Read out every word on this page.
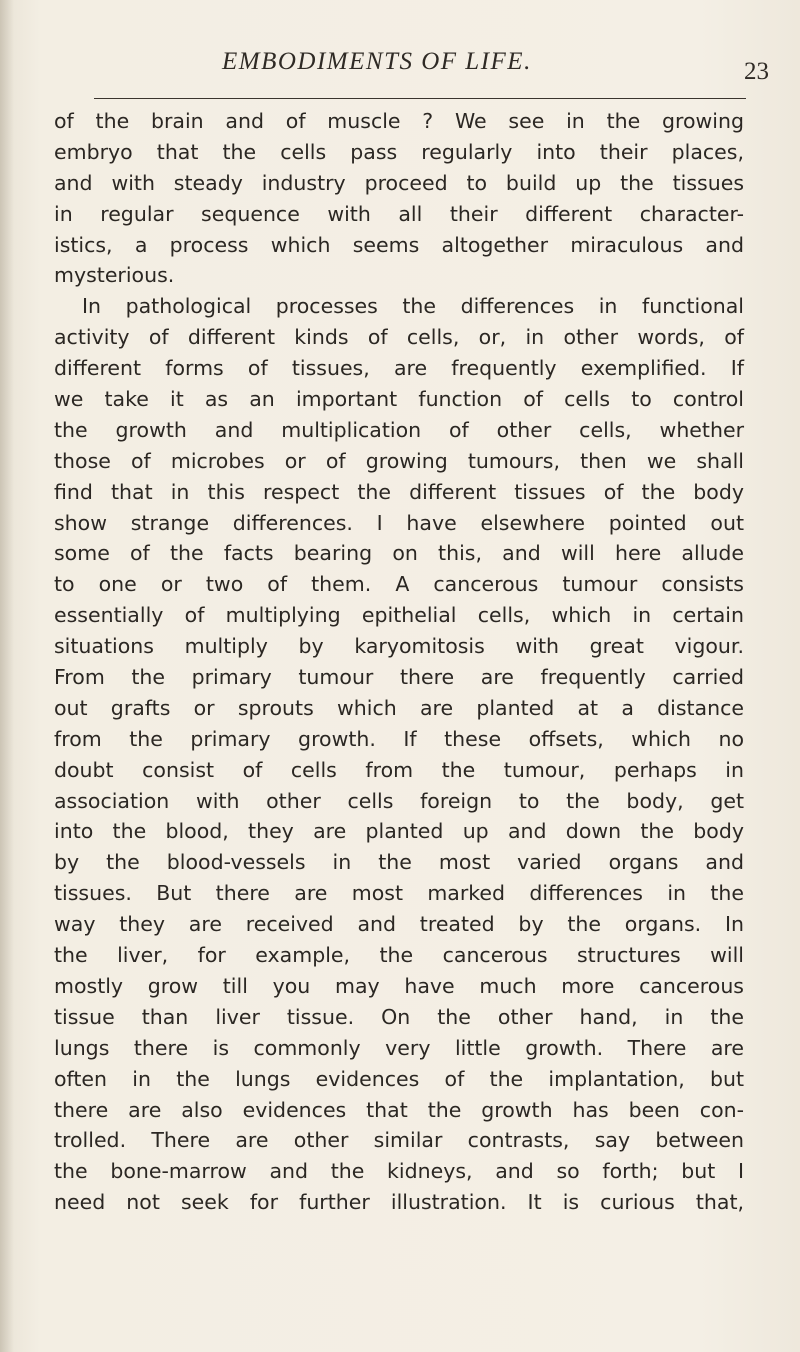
EMBODIMENTS OF LIFE.	23
of the brain and of muscle ? We see in the growing
embryo that the cells pass regularly into their places,
and with steady industry proceed to build up the tissues
in regular sequence with all their different character-
istics, a process which seems altogether miraculous and
mysterious.
In pathological processes the differences in functional
activity of different kinds of cells, or, in other words, of
different forms of tissues, are frequently exemplified. If
we take it as an important function of cells to control
the growth and multiplication of other cells, whether
those of microbes or of growing tumours, then we shall
find that in this respect the different tissues of the body
show strange differences. I have elsewhere pointed out
some of the facts bearing on this, and will here allude
to one or two of them. A cancerous tumour consists
essentially of multiplying epithelial cells, which in certain
situations multiply by karyomitosis with great vigour.
From the primary tumour there are frequently carried
out grafts or sprouts which are planted at a distance
from the primary growth. If these offsets, which no
doubt consist of cells from the tumour, perhaps in
association with other cells foreign to the body, get
into the blood, they are planted up and down the body
by the blood-vessels in the most varied organs and
tissues. But there are most marked differences in the
way they are received and treated by the organs. In
the liver, for example, the cancerous structures will
mostly grow till you may have much more cancerous
tissue than liver tissue. On the other hand, in the
lungs there is commonly very little growth. There are
often in the lungs evidences of the implantation, but
there are also evidences that the growth has been con-
trolled. There are other similar contrasts, say between
the bone-marrow and the kidneys, and so forth; but I
need not seek for further illustration. It is curious that,
